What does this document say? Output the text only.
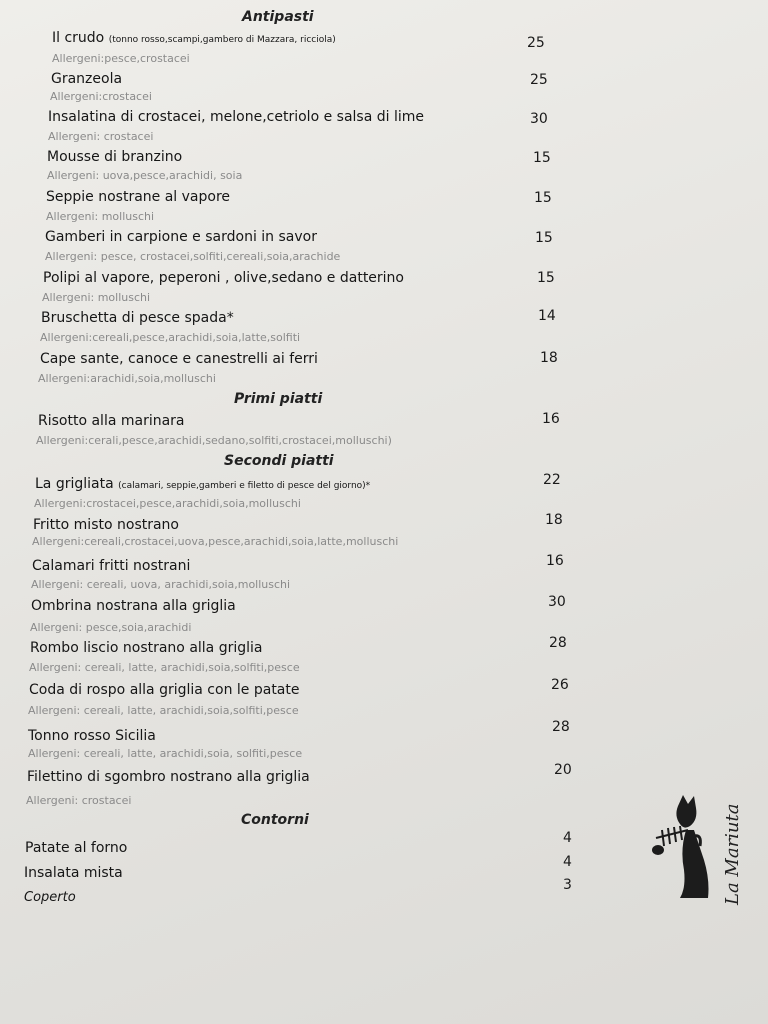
Antipasti
Primi piatti
Secondi piatti
Contorni
Il crudo (tonno rosso,scampi,gambero di Mazzara, ricciola)
Allergeni:pesce,crostacei
25
Granzeola
Allergeni:crostacei
25
Insalatina di crostacei, melone,cetriolo e salsa di lime
Allergeni: crostacei
30
Mousse di branzino
Allergeni: uova,pesce,arachidi, soia
15
Seppie nostrane al vapore
Allergeni: molluschi
15
Gamberi in carpione e sardoni in savor
Allergeni: pesce, crostacei,solfiti,cereali,soia,arachide
15
Polipi al vapore, peperoni , olive,sedano e datterino
Allergeni: molluschi
15
Bruschetta di pesce spada*
Allergeni:cereali,pesce,arachidi,soia,latte,solfiti
14
Cape sante, canoce e canestrelli ai ferri
Allergeni:arachidi,soia,molluschi
18
Risotto alla marinara
Allergeni:cerali,pesce,arachidi,sedano,solfiti,crostacei,molluschi)
16
La grigliata (calamari, seppie,gamberi e filetto di pesce del giorno)*
Allergeni:crostacei,pesce,arachidi,soia,molluschi
22
Fritto misto nostrano
Allergeni:cereali,crostacei,uova,pesce,arachidi,soia,latte,molluschi
18
Calamari fritti nostrani
Allergeni: cereali, uova, arachidi,soia,molluschi
16
Ombrina nostrana alla griglia
Allergeni: pesce,soia,arachidi
30
Rombo liscio nostrano alla griglia
Allergeni: cereali, latte, arachidi,soia,solfiti,pesce
28
Coda di rospo alla griglia con le patate
Allergeni: cereali, latte, arachidi,soia,solfiti,pesce
26
Tonno rosso Sicilia
Allergeni: cereali, latte, arachidi,soia, solfiti,pesce
28
Filettino di sgombro nostrano alla griglia
Allergeni: crostacei
20
Patate al forno
4
Insalata mista
4
Coperto
3	La Mariuta
